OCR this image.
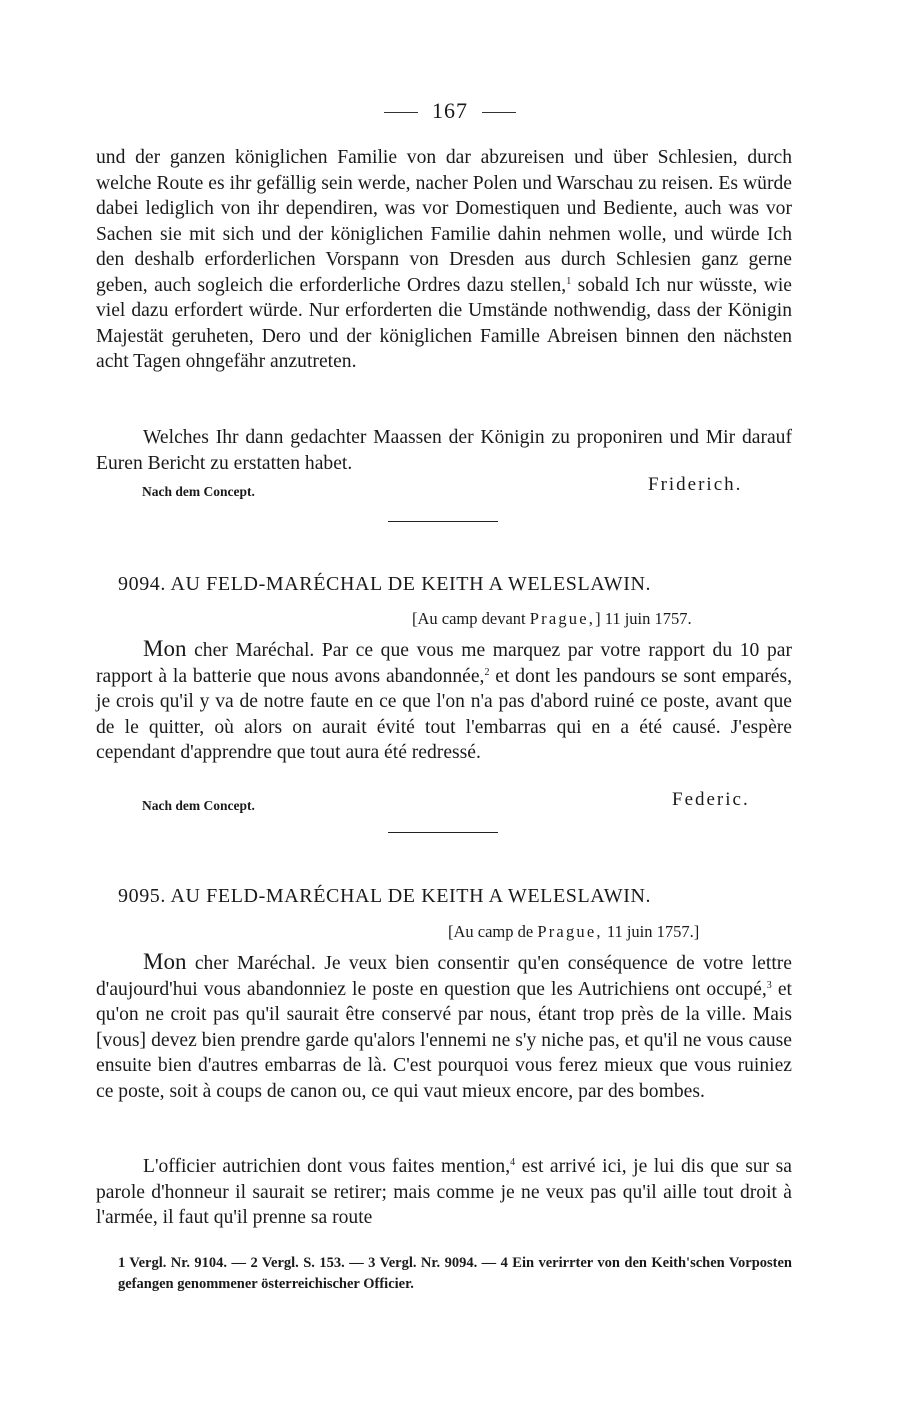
167
und der ganzen königlichen Familie von dar abzureisen und über Schlesien, durch welche Route es ihr gefällig sein werde, nacher Polen und Warschau zu reisen. Es würde dabei lediglich von ihr dependiren, was vor Domestiquen und Bediente, auch was vor Sachen sie mit sich und der königlichen Familie dahin nehmen wolle, und würde Ich den deshalb erforderlichen Vorspann von Dresden aus durch Schlesien ganz gerne geben, auch sogleich die erforderliche Ordres dazu stellen,$^1$ sobald Ich nur wüsste, wie viel dazu erfordert würde. Nur erforderten die Umstände nothwendig, dass der Königin Majestät geruheten, Dero und der königlichen Famille Abreisen binnen den nächsten acht Tagen ohngefähr anzutreten.
Welches Ihr dann gedachter Maassen der Königin zu proponiren und Mir darauf Euren Bericht zu erstatten habet.
Nach dem Concept.	Friderich.
9094. AU FELD-MARÉCHAL DE KEITH A WELESLAWIN.
[Au camp devant Prague,] 11 juin 1757.
Mon cher Maréchal. Par ce que vous me marquez par votre rapport du 10 par rapport à la batterie que nous avons abandonnée,$^2$ et dont les pandours se sont emparés, je crois qu'il y va de notre faute en ce que l'on n'a pas d'abord ruiné ce poste, avant que de le quitter, où alors on aurait évité tout l'embarras qui en a été causé. J'espère cependant d'apprendre que tout aura été redressé.
Nach dem Concept.	Federic.
9095. AU FELD-MARÉCHAL DE KEITH A WELESLAWIN.
[Au camp de Prague, 11 juin 1757.]
Mon cher Maréchal. Je veux bien consentir qu'en conséquence de votre lettre d'aujourd'hui vous abandonniez le poste en question que les Autrichiens ont occupé,$^3$ et qu'on ne croit pas qu'il saurait être conservé par nous, étant trop près de la ville. Mais [vous] devez bien prendre garde qu'alors l'ennemi ne s'y niche pas, et qu'il ne vous cause ensuite bien d'autres embarras de là. C'est pourquoi vous ferez mieux que vous ruiniez ce poste, soit à coups de canon ou, ce qui vaut mieux encore, par des bombes.
L'officier autrichien dont vous faites mention,$^4$ est arrivé ici, je lui dis que sur sa parole d'honneur il saurait se retirer; mais comme je ne veux pas qu'il aille tout droit à l'armée, il faut qu'il prenne sa route
1 Vergl. Nr. 9104. — 2 Vergl. S. 153. — 3 Vergl. Nr. 9094. — 4 Ein verirrter von den Keith'schen Vorposten gefangen genommener österreichischer Officier.
